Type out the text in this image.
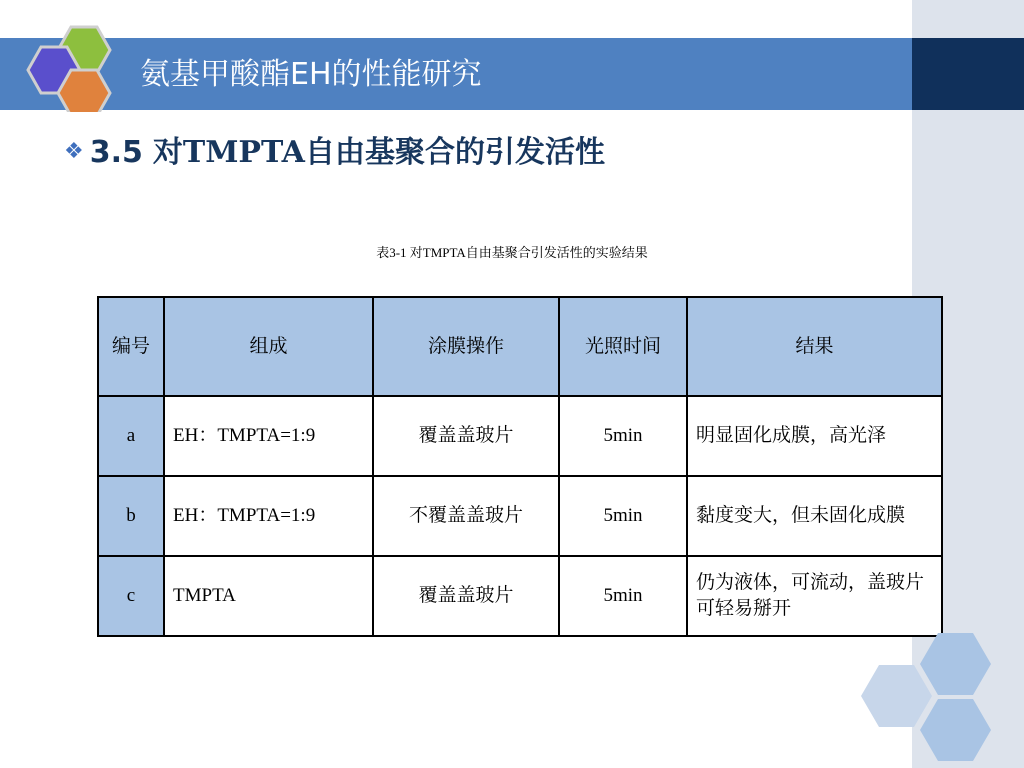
氨基甲酸酯EH的性能研究
❖ 3.5 对TMPTA自由基聚合的引发活性
表3-1 对TMPTA自由基聚合引发活性的实验结果
编号	组成	涂膜操作	光照时间	结果
a	EH：TMPTA=1:9	覆盖盖玻片	5min	明显固化成膜，高光泽
b	EH：TMPTA=1:9	不覆盖盖玻片	5min	黏度变大，但未固化成膜
c	TMPTA	覆盖盖玻片	5min	仍为液体，可流动，盖玻片可轻易掰开
